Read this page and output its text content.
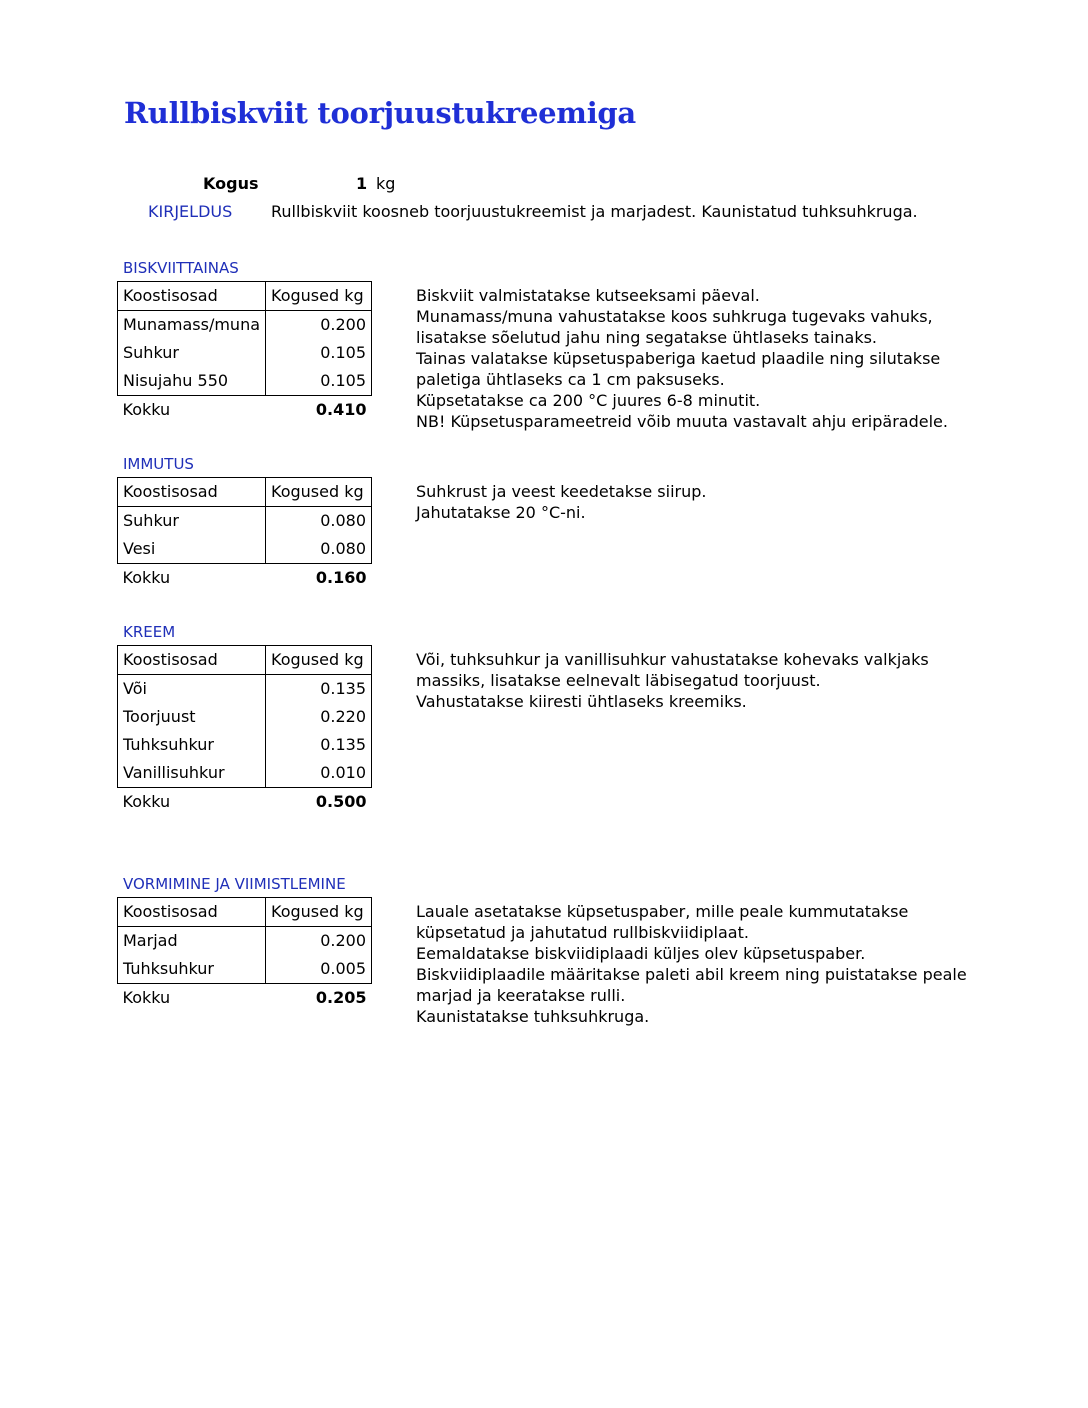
Rullbiskviit toorjuustukreemiga
Kogus	1 kg
KIRJELDUS Rullbiskviit koosneb toorjuustukreemist ja marjadest. Kaunistatud tuhksuhkruga.
BISKVIITTAINAS
Koostisosad	Kogused kg
Munamass/muna	0.200
Suhkur	0.105
Nisujahu 550	0.105
Kokku	0.410
Biskviit valmistatakse kutseeksami päeval.
Munamass/muna vahustatakse koos suhkruga tugevaks vahuks,
lisatakse sõelutud jahu ning segatakse ühtlaseks tainaks.
Tainas valatakse küpsetuspaberiga kaetud plaadile ning silutakse
paletiga ühtlaseks ca 1 cm paksuseks.
Küpsetatakse ca 200 °C juures 6-8 minutit.
NB! Küpsetusparameetreid võib muuta vastavalt ahju eripäradele.
IMMUTUS
Koostisosad	Kogused kg
Suhkur	0.080
Vesi	0.080
Kokku	0.160
Suhkrust ja veest keedetakse siirup.
Jahutatakse 20 °C-ni.
KREEM
Koostisosad	Kogused kg
Või	0.135
Toorjuust	0.220
Tuhksuhkur	0.135
Vanillisuhkur	0.010
Kokku	0.500
Või, tuhksuhkur ja vanillisuhkur vahustatakse kohevaks valkjaks
massiks, lisatakse eelnevalt läbisegatud toorjuust.
Vahustatakse kiiresti ühtlaseks kreemiks.
VORMIMINE JA VIIMISTLEMINE
Koostisosad	Kogused kg
Marjad	0.200
Tuhksuhkur	0.005
Kokku	0.205
Lauale asetatakse küpsetuspaber, mille peale kummutatakse
küpsetatud ja jahutatud rullbiskviidiplaat.
Eemaldatakse biskviidiplaadi küljes olev küpsetuspaber.
Biskviidiplaadile määritakse paleti abil kreem ning puistatakse peale
marjad ja keeratakse rulli.
Kaunistatakse tuhksuhkruga.
